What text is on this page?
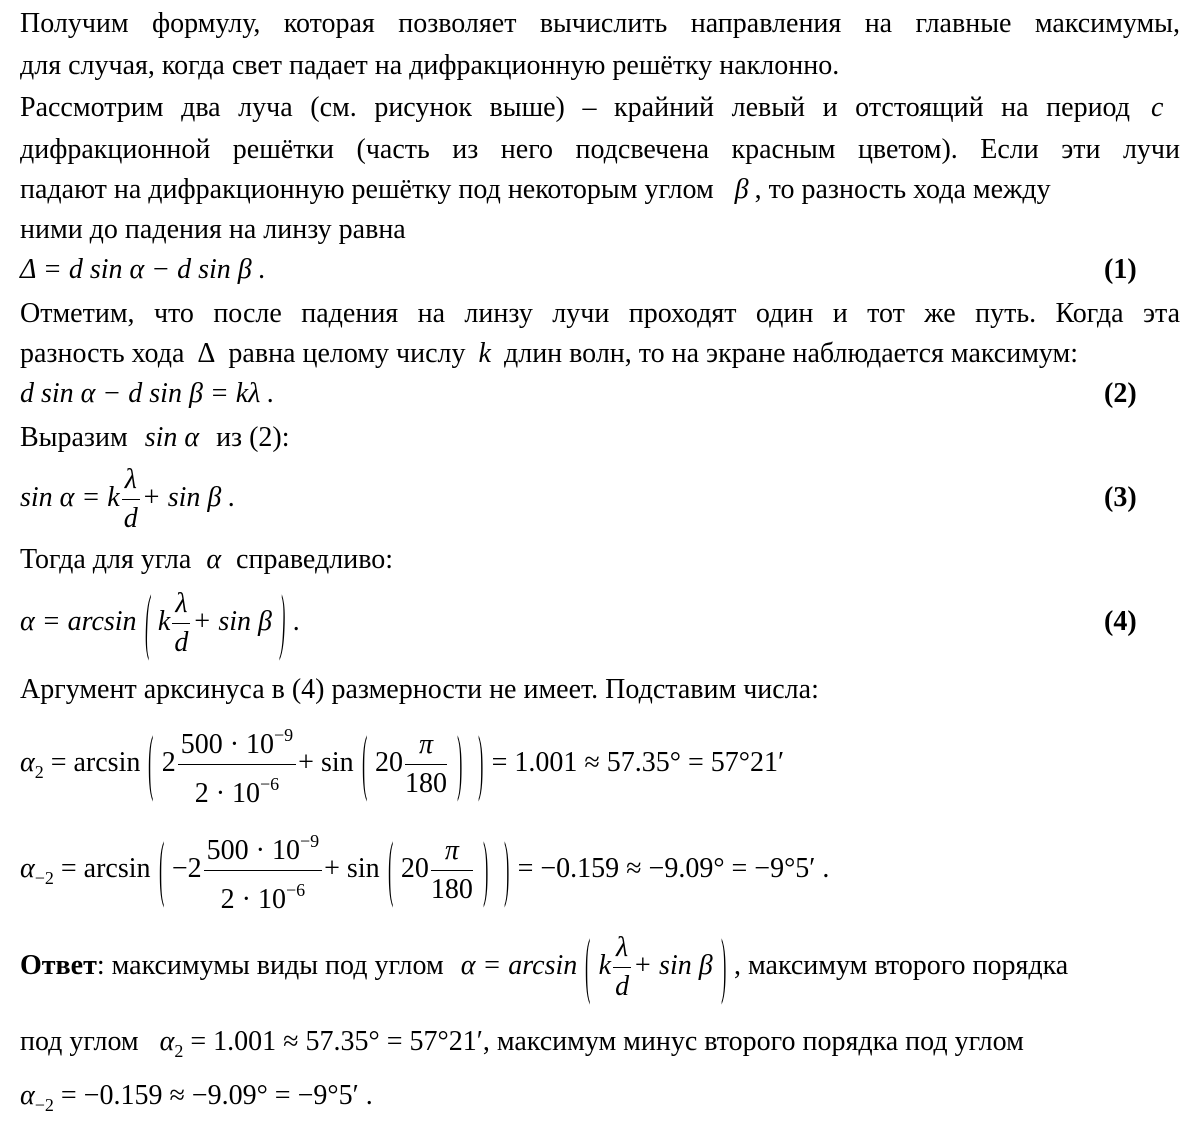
Получим формулу, которая позволяет вычислить направления на главные максимумы,
для случая, когда свет падает на дифракционную решётку наклонно.
Рассмотрим два луча (см. рисунок выше) – крайний левый и отстоящий на период c
дифракционной решётки (часть из него подсвечена красным цветом). Если эти лучи
падают на дифракционную решётку под некоторым углом β , то разность хода между
ними до падения на линзу равна
Δ = d sin α − d sin β .	(1)
Отметим, что после падения на линзу лучи проходят один и тот же путь. Когда эта
разность хода Δ равна целому числу k длин волн, то на экране наблюдается максимум:
d sin α − d sin β = kλ .	(2)
Выразим sin α из (2):
sin α = k $\frac{\lambda}{d} + \sin \beta$ .	(3)
Тогда для угла α справедливо:
α = arcsin ( k $\frac{\lambda}{d} + \sin \beta$ ) .	(4)
Аргумент арксинуса в (4) размерности не имеет. Подставим числа:
$\alpha_2 = \arcsin$ ( $2 \frac{500 \cdot 10^{-9}}{2 \cdot 10^{-6}} + \sin$ ( $20 \frac{\pi}{180}$ ) ) = 1.001 ≈ 57.35° = 57°21′
$\alpha_{-2} = \arcsin$ ( $-2 \frac{500 \cdot 10^{-9}}{2 \cdot 10^{-6}} + \sin$ ( $20 \frac{\pi}{180}$ ) ) = −0.159 ≈ −9.09° = −9°5′ .
Ответ: максимумы виды под углом α = arcsin ( k $\frac{\lambda}{d} + \sin \beta$ ) , максимум второго порядка
под углом $\alpha_2 = 1.001 \approx 57.35^\circ = 57^\circ 21'$, максимум минус второго порядка под углом
$\alpha_{-2} = -0.159 \approx -9.09^\circ = -9^\circ 5'$ .
